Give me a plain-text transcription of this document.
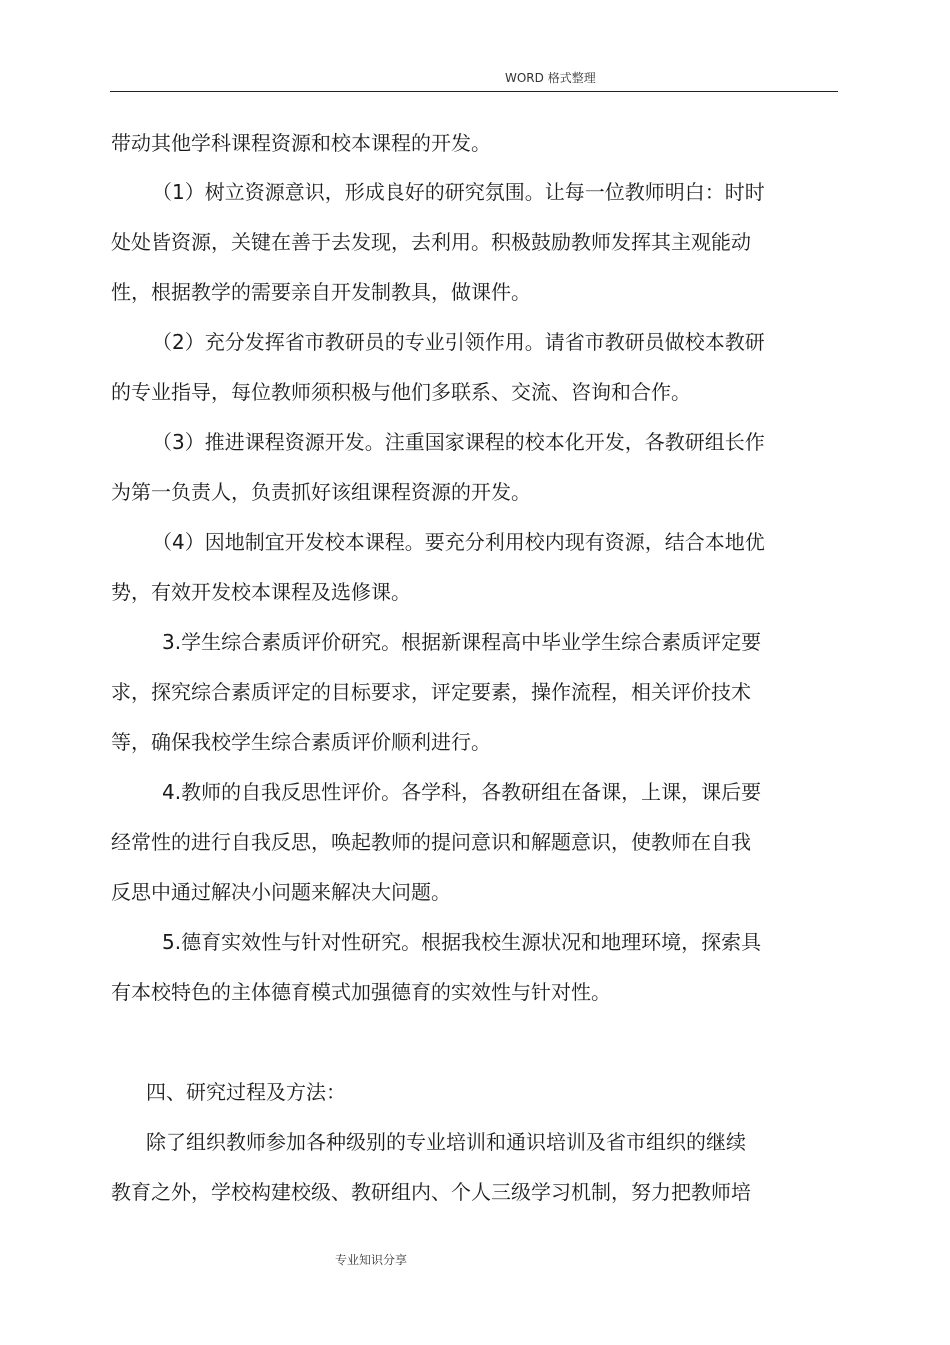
WORD 格式整理
带动其他学科课程资源和校本课程的开发。
（1）树立资源意识，形成良好的研究氛围。让每一位教师明白：时时
处处皆资源，关键在善于去发现，去利用。积极鼓励教师发挥其主观能动
性，根据教学的需要亲自开发制教具，做课件。
（2）充分发挥省市教研员的专业引领作用。请省市教研员做校本教研
的专业指导，每位教师须积极与他们多联系、交流、咨询和合作。
（3）推进课程资源开发。注重国家课程的校本化开发，各教研组长作
为第一负责人，负责抓好该组课程资源的开发。
（4）因地制宜开发校本课程。要充分利用校内现有资源，结合本地优
势，有效开发校本课程及选修课。
3.学生综合素质评价研究。根据新课程高中毕业学生综合素质评定要
求，探究综合素质评定的目标要求，评定要素，操作流程，相关评价技术
等，确保我校学生综合素质评价顺利进行。
4.教师的自我反思性评价。各学科，各教研组在备课，上课，课后要
经常性的进行自我反思，唤起教师的提问意识和解题意识，使教师在自我
反思中通过解决小问题来解决大问题。
5.德育实效性与针对性研究。根据我校生源状况和地理环境，探索具
有本校特色的主体德育模式加强德育的实效性与针对性。
四、研究过程及方法：
除了组织教师参加各种级别的专业培训和通识培训及省市组织的继续
教育之外，学校构建校级、教研组内、个人三级学习机制，努力把教师培
专业知识分享
